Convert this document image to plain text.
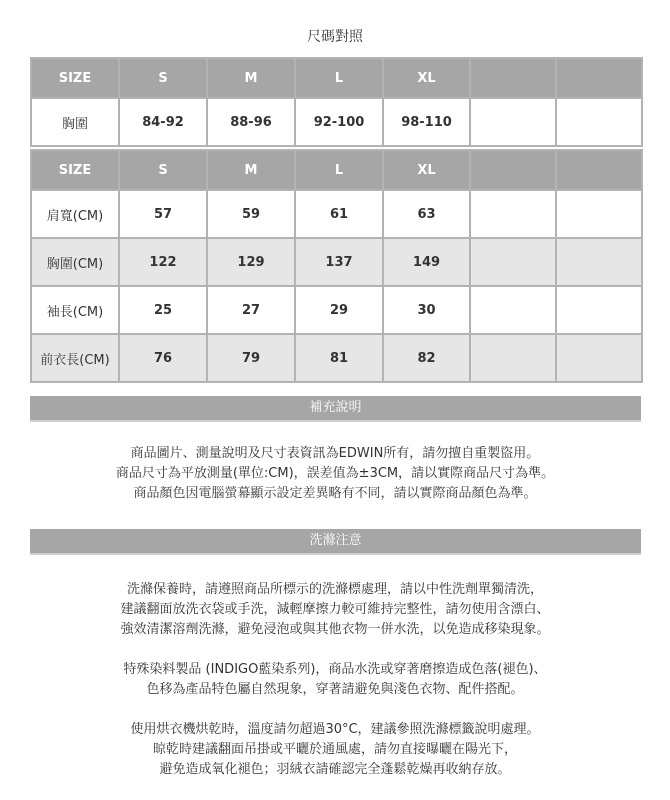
尺碼對照
SIZE	S	M	L	XL		
胸圍	84-92	88-96	92-100	98-110		
SIZE	S	M	L	XL		
肩寬(CM)	57	59	61	63		
胸圍(CM)	122	129	137	149		
袖長(CM)	25	27	29	30		
前衣長(CM)	76	79	81	82		
補充說明
商品圖片、測量說明及尺寸表資訊為EDWIN所有，請勿擅自重製盜用。
商品尺寸為平放測量(單位:CM)，誤差值為±3CM，請以實際商品尺寸為準。
商品顏色因電腦螢幕顯示設定差異略有不同，請以實際商品顏色為準。
洗滌注意
洗滌保養時，請遵照商品所標示的洗滌標處理，請以中性洗劑單獨清洗，
建議翻面放洗衣袋或手洗，減輕摩擦力較可維持完整性，請勿使用含漂白、
強效清潔溶劑洗滌，避免浸泡或與其他衣物一併水洗，以免造成移染現象。
特殊染料製品 (INDIGO藍染系列)，商品水洗或穿著磨擦造成色落(褪色)、
色移為產品特色屬自然現象，穿著請避免與淺色衣物、配件搭配。
使用烘衣機烘乾時，溫度請勿超過30°C，建議參照洗滌標籤說明處理。
晾乾時建議翻面吊掛或平曬於通風處，請勿直接曝曬在陽光下，
避免造成氧化褪色；羽絨衣請確認完全蓬鬆乾燥再收納存放。
